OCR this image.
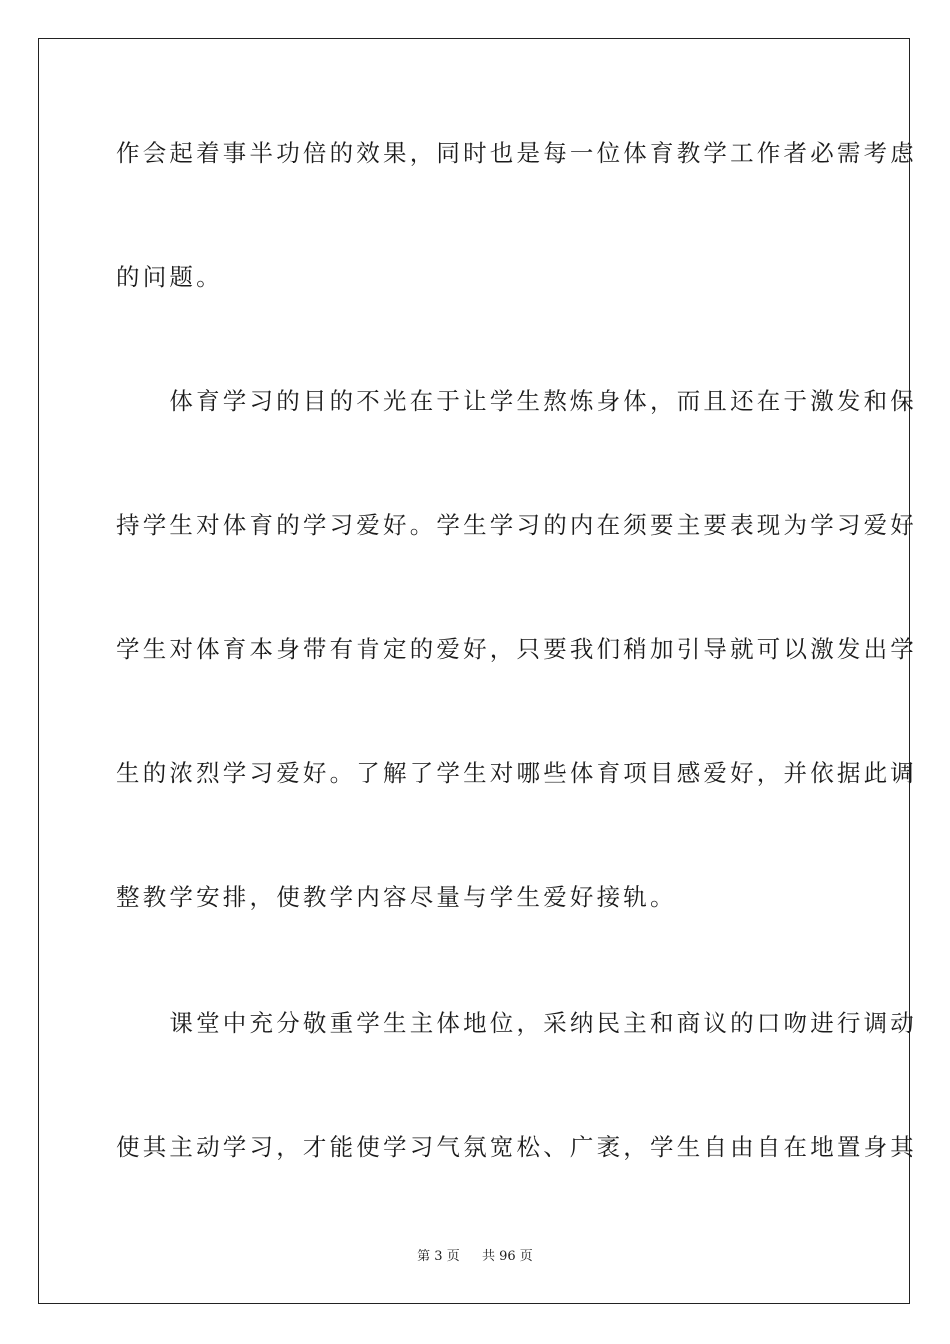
作会起着事半功倍的效果，同时也是每一位体育教学工作者必需考虑
的问题。
　　体育学习的目的不光在于让学生熬炼身体，而且还在于激发和保
持学生对体育的学习爱好。学生学习的内在须要主要表现为学习爱好
学生对体育本身带有肯定的爱好，只要我们稍加引导就可以激发出学
生的浓烈学习爱好。了解了学生对哪些体育项目感爱好，并依据此调
整教学安排，使教学内容尽量与学生爱好接轨。
　　课堂中充分敬重学生主体地位，采纳民主和商议的口吻进行调动
使其主动学习，才能使学习气氛宽松、广袤，学生自由自在地置身其
第 3 页 共 96 页
